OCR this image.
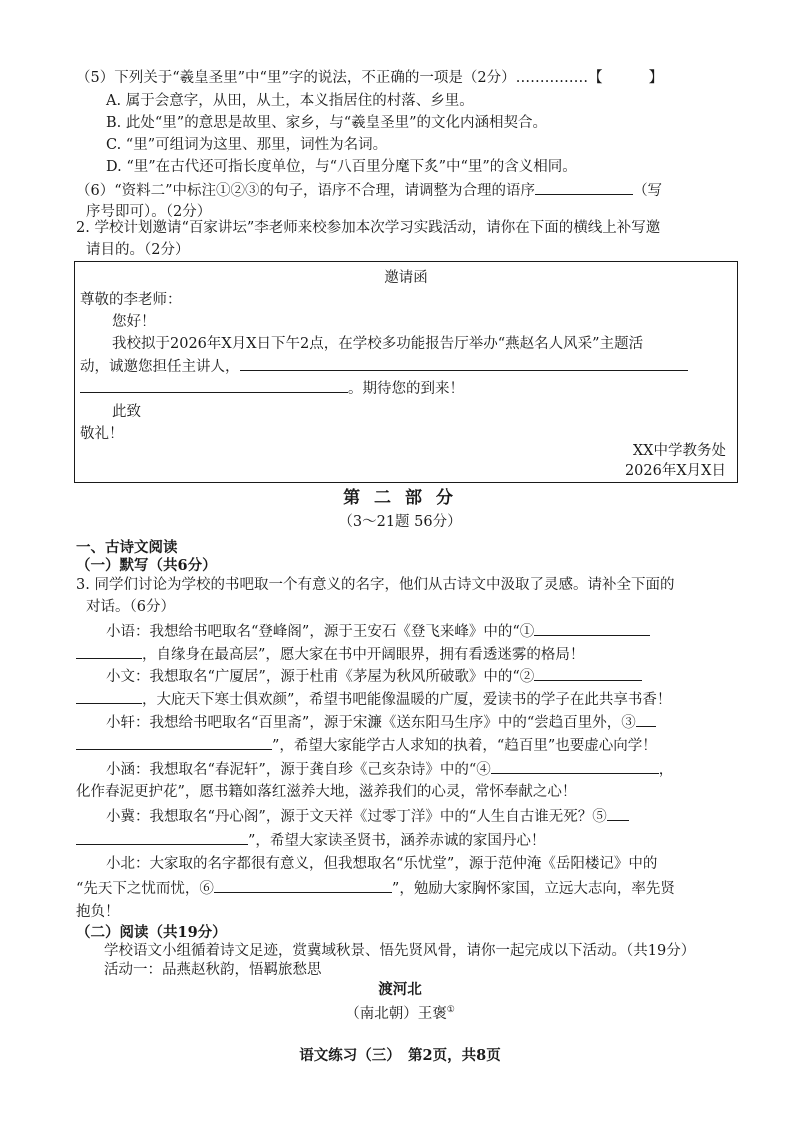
（5）下列关于“羲皇圣里”中“里”字的说法，不正确的一项是（2分）……………【	】
A. 属于会意字，从田，从土，本义指居住的村落、乡里。
B. 此处“里”的意思是故里、家乡，与“羲皇圣里”的文化内涵相契合。
C. “里”可组词为这里、那里，词性为名词。
D. “里”在古代还可指长度单位，与“八百里分麾下炙”中“里”的含义相同。
（6）“资料二”中标注①②③的句子，语序不合理，请调整为合理的语序	（写
序号即可）。（2分）
2. 学校计划邀请“百家讲坛”李老师来校参加本次学习实践活动，请你在下面的横线上补写邀
请目的。（2分）
邀请函
尊敬的李老师：
您好！
我校拟于2026年X月X日下午2点，在学校多功能报告厅举办“燕赵名人风采”主题活
动，诚邀您担任主讲人，
。期待您的到来！
此致
敬礼！
XX中学教务处
2026年X月X日
第 二 部 分
（3～21题 56分）
一、古诗文阅读
（一）默写（共6分）
3. 同学们讨论为学校的书吧取一个有意义的名字，他们从古诗文中汲取了灵感。请补全下面的
对话。（6分）
小语：我想给书吧取名“登峰阁”，源于王安石《登飞来峰》中的“①
，自缘身在最高层”，愿大家在书中开阔眼界，拥有看透迷雾的格局！
小文：我想取名“广厦居”，源于杜甫《茅屋为秋风所破歌》中的“②
，大庇天下寒士俱欢颜”，希望书吧能像温暖的广厦，爱读书的学子在此共享书香！
小轩：我想给书吧取名“百里斋”，源于宋濂《送东阳马生序》中的“尝趋百里外，③
”，希望大家能学古人求知的执着，“趋百里”也要虚心向学！
小涵：我想取名“春泥轩”，源于龚自珍《己亥杂诗》中的“④	，
化作春泥更护花”，愿书籍如落红滋养大地，滋养我们的心灵，常怀奉献之心！
小冀：我想取名“丹心阁”，源于文天祥《过零丁洋》中的“人生自古谁无死？⑤
”，希望大家读圣贤书，涵养赤诚的家国丹心！
小北：大家取的名字都很有意义，但我想取名“乐忧堂”，源于范仲淹《岳阳楼记》中的
“先天下之忧而忧，⑥	”，勉励大家胸怀家国，立远大志向，率先贤
抱负！
（二）阅读（共19分）
学校语文小组循着诗文足迹，赏冀域秋景、悟先贤风骨，请你一起完成以下活动。（共19分）
活动一：品燕赵秋韵，悟羁旅愁思
渡河北
（南北朝）王褒①
语文练习（三）　第2页，共8页
